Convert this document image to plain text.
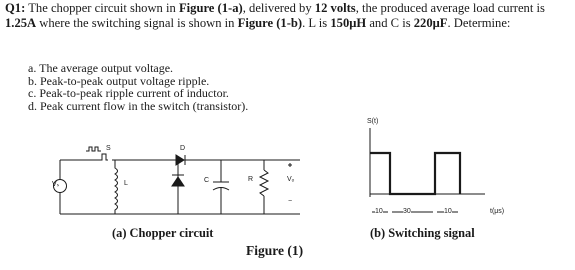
Q1: The chopper circuit shown in Figure (1-a), delivered by 12 volts, the produced average load current is 1.25A where the switching signal is shown in Figure (1-b). L is 150μH and C is 220μF. Determine:

a. The average output voltage.
b. Peak-to-peak output voltage ripple.
c. Peak-to-peak ripple current of inductor.
d. Peak current flow in the switch (transistor).
Vₛ
S	D
L	C	R	Vₒ
−
(a) Chopper circuit
S(t)
t(μs)
10	30	10
(b) Switching signal
Figure (1)
